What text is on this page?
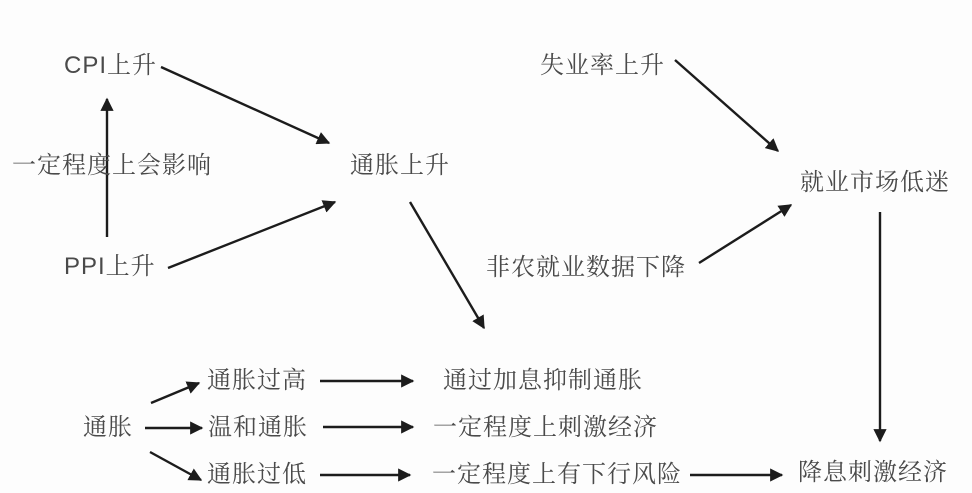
CPI上升
一定程度上会影响
PPI上升
通胀上升
失业率上升
就业市场低迷
非农就业数据下降
通胀
通胀过高
温和通胀
通胀过低
通过加息抑制通胀
一定程度上刺激经济
一定程度上有下行风险	降息刺激经济
